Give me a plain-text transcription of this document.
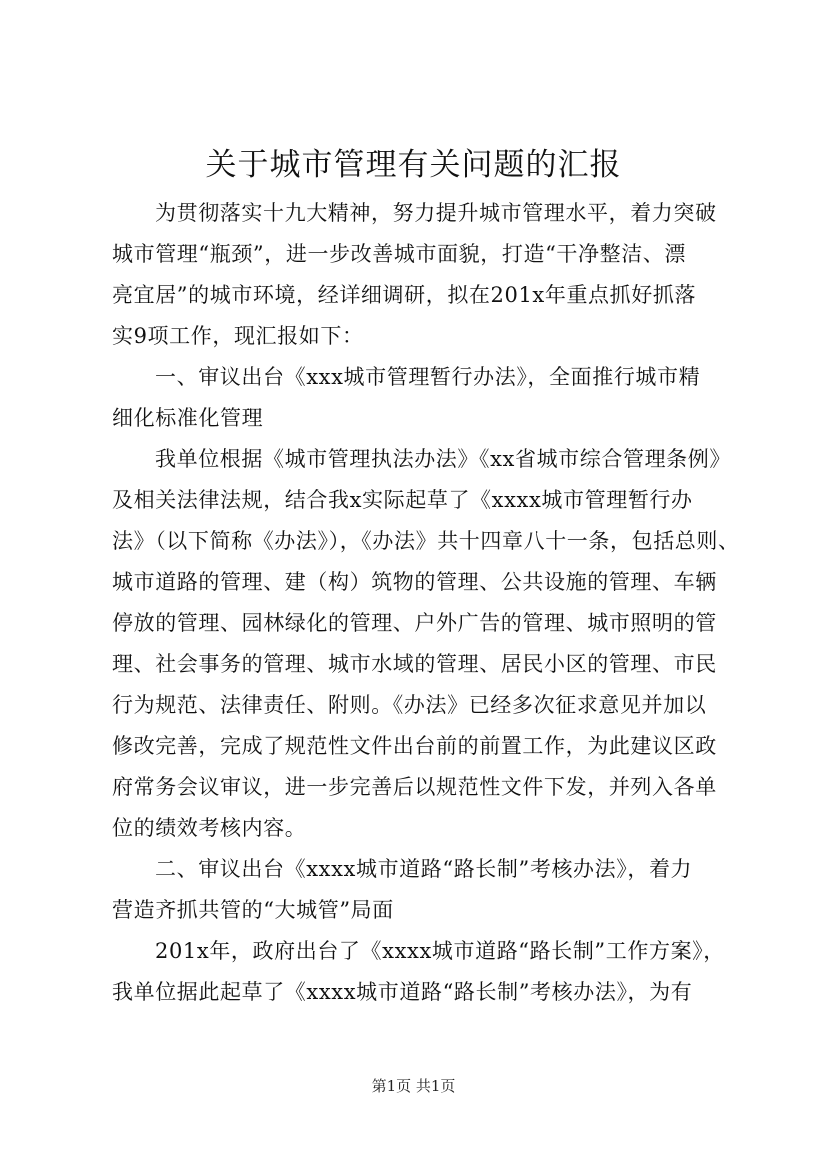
关于城市管理有关问题的汇报
为贯彻落实十九大精神，努力提升城市管理水平，着力突破
城市管理“瓶颈”，进一步改善城市面貌，打造“干净整洁、漂
亮宜居”的城市环境，经详细调研，拟在201x年重点抓好抓落
实9项工作，现汇报如下：
一、审议出台《xxx城市管理暂行办法》，全面推行城市精
细化标准化管理
我单位根据《城市管理执法办法》《xx省城市综合管理条例》
及相关法律法规，结合我x实际起草了《xxxx城市管理暂行办
法》（以下简称《办法》），《办法》共十四章八十一条，包括总则、
城市道路的管理、建（构）筑物的管理、公共设施的管理、车辆
停放的管理、园林绿化的管理、户外广告的管理、城市照明的管
理、社会事务的管理、城市水域的管理、居民小区的管理、市民
行为规范、法律责任、附则。《办法》已经多次征求意见并加以
修改完善，完成了规范性文件出台前的前置工作，为此建议区政
府常务会议审议，进一步完善后以规范性文件下发，并列入各单
位的绩效考核内容。
二、审议出台《xxxx城市道路“路长制”考核办法》，着力
营造齐抓共管的“大城管”局面
201x年，政府出台了《xxxx城市道路“路长制”工作方案》，
我单位据此起草了《xxxx城市道路“路长制”考核办法》，为有
第1页 共1页
